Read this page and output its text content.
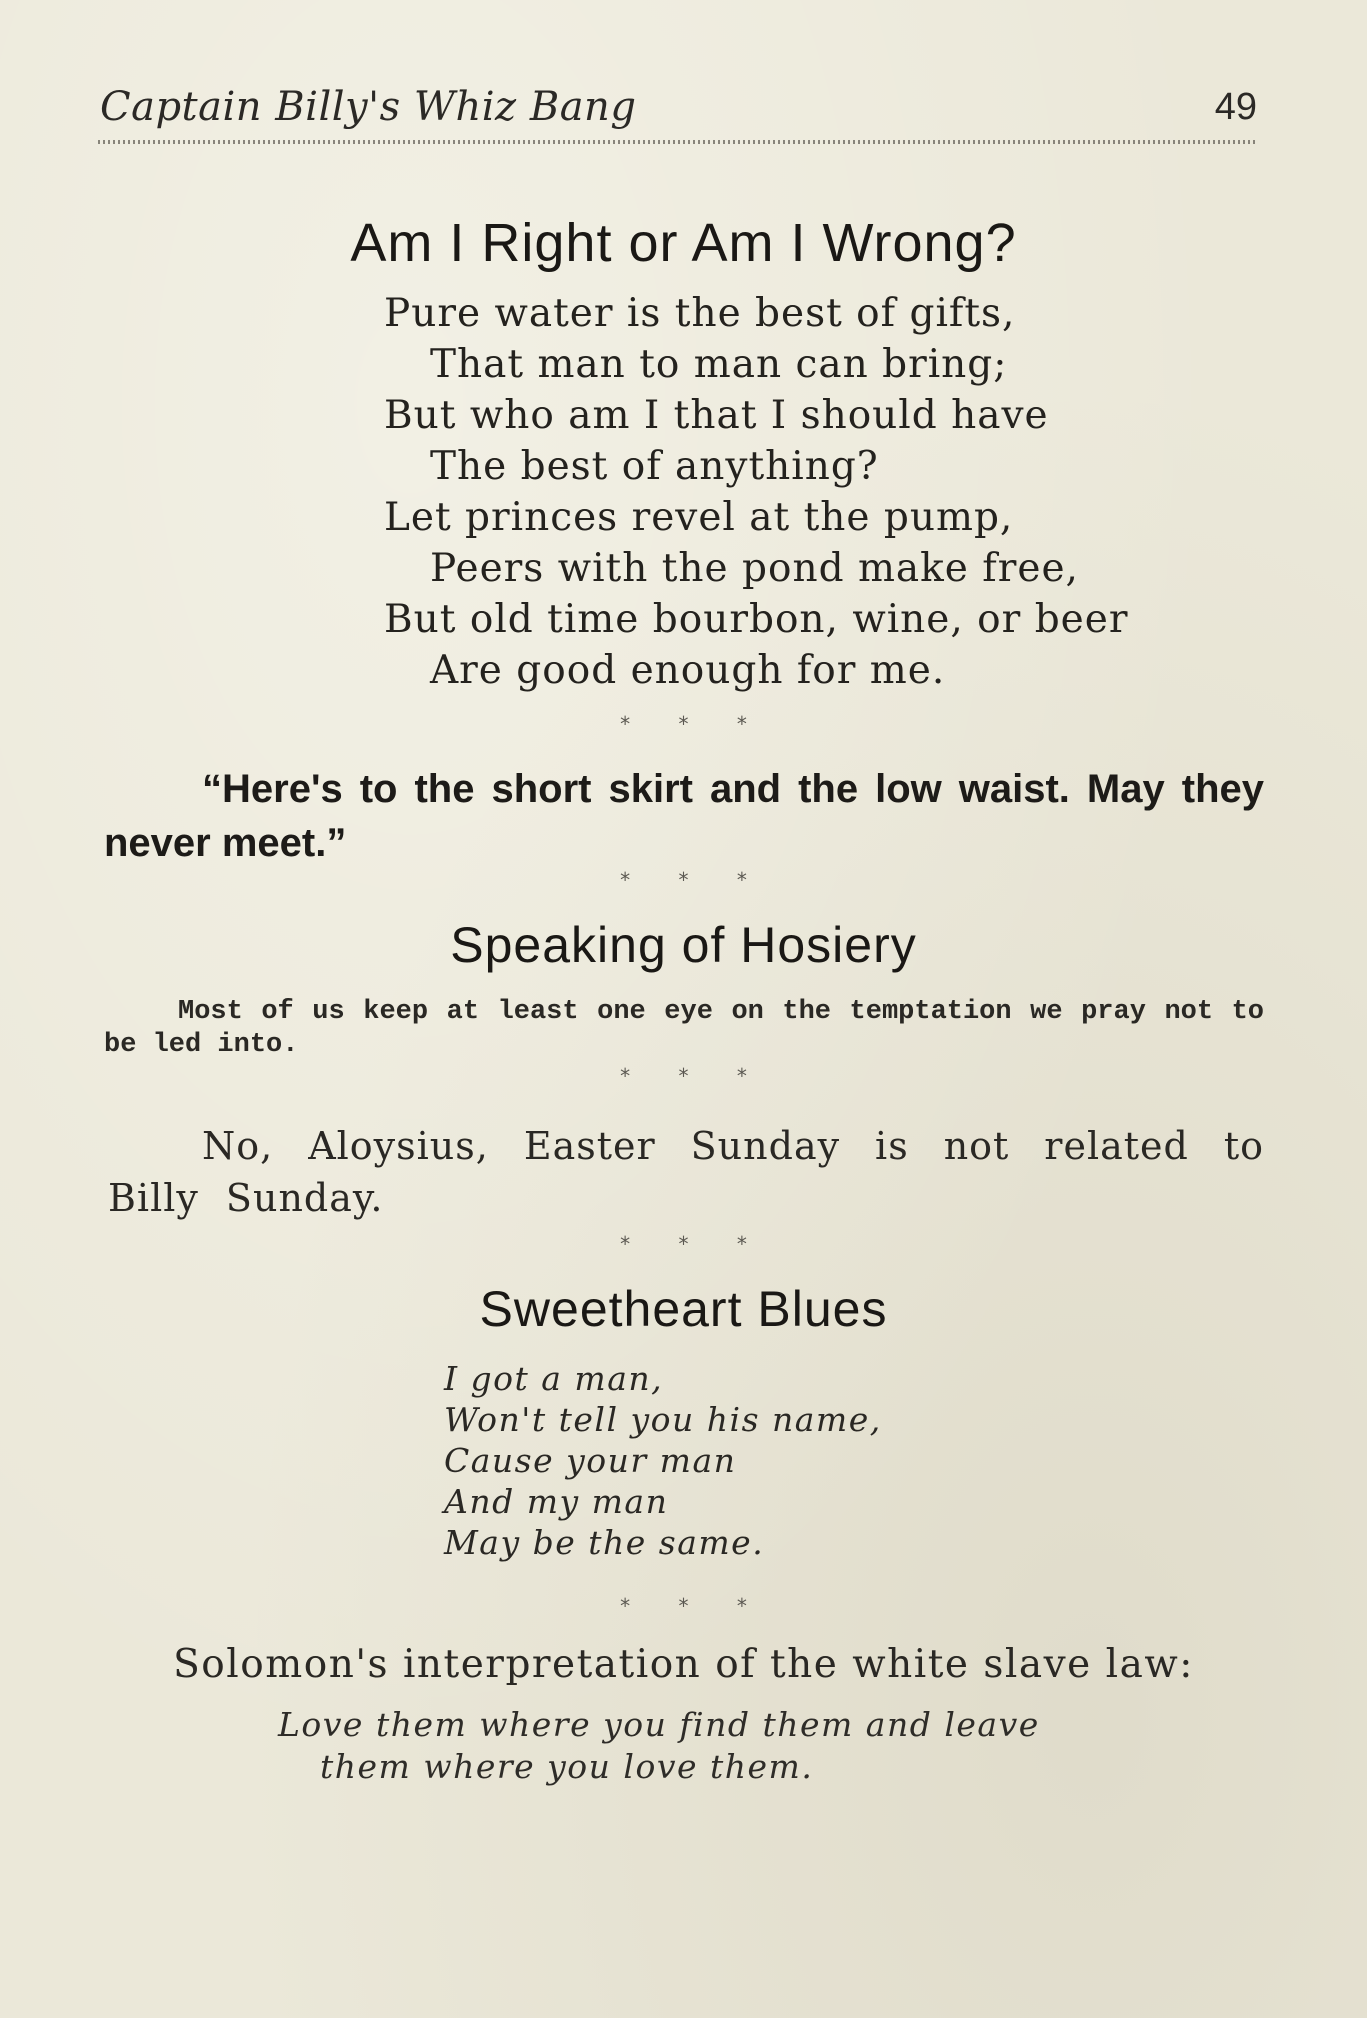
Captain Billy's Whiz Bang	49
Am I Right or Am I Wrong?
Pure water is the best of gifts,
That man to man can bring;
But who am I that I should have
The best of anything?
Let princes revel at the pump,
Peers with the pond make free,
But old time bourbon, wine, or beer
Are good enough for me.
* * *
“Here's to the short skirt and the low waist. May they never meet.”
* * *
Speaking of Hosiery
Most of us keep at least one eye on the temptation we pray not to be led into.
* * *
No, Aloysius, Easter Sunday is not related to Billy Sunday.
* * *
Sweetheart Blues
I got a man,
Won't tell you his name,
Cause your man
And my man
May be the same.
* * *
Solomon's interpretation of the white slave law:
Love them where you find them and leave
them where you love them.
